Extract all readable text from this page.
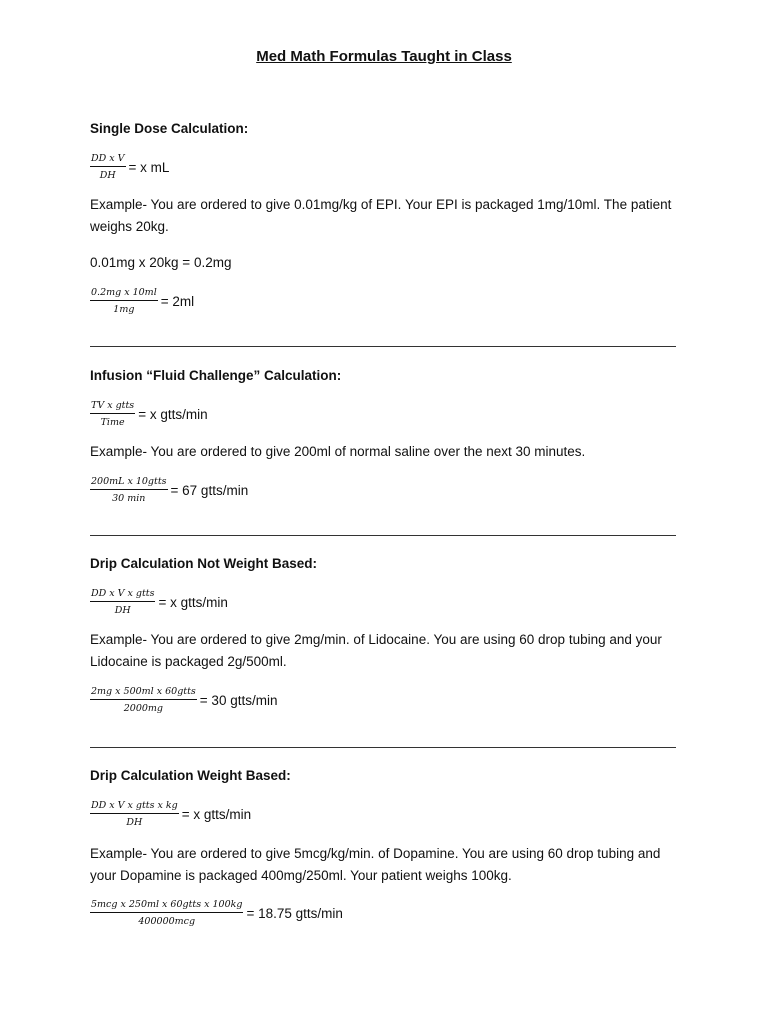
Med Math Formulas Taught in Class
Single Dose Calculation:
$\frac{\text{DD x V}}{DH} = x$ mL
Example- You are ordered to give 0.01mg/kg of EPI. Your EPI is packaged 1mg/10ml. The patient weighs 20kg.
0.01mg x 20kg = 0.2mg
$\frac{\text{0.2mg x 10ml}}{1mg} = 2ml$
Infusion “Fluid Challenge” Calculation:
$\frac{\text{TV x gtts}}{\text{Time}} = x$ gtts/min
Example- You are ordered to give 200ml of normal saline over the next 30 minutes.
$\frac{\text{200mL x 10gtts}}{30 \min} = 67$ gtts/min
Drip Calculation Not Weight Based:
$\frac{\text{DD x V x gtts}}{DH} = x$ gtts/min
Example- You are ordered to give 2mg/min. of Lidocaine. You are using 60 drop tubing and your Lidocaine is packaged 2g/500ml.
$\frac{\text{2mg x 500ml x 60gtts}}{2000mg} = 30$ gtts/min
Drip Calculation Weight Based:
$\frac{\text{DD x V x gtts x kg}}{DH} = x$ gtts/min
Example- You are ordered to give 5mcg/kg/min. of Dopamine. You are using 60 drop tubing and your Dopamine is packaged 400mg/250ml. Your patient weighs 100kg.
$\frac{\text{5mcg x 250ml x 60gtts x 100kg}}{\text{400000mcg}} = 18.75$ gtts/min
